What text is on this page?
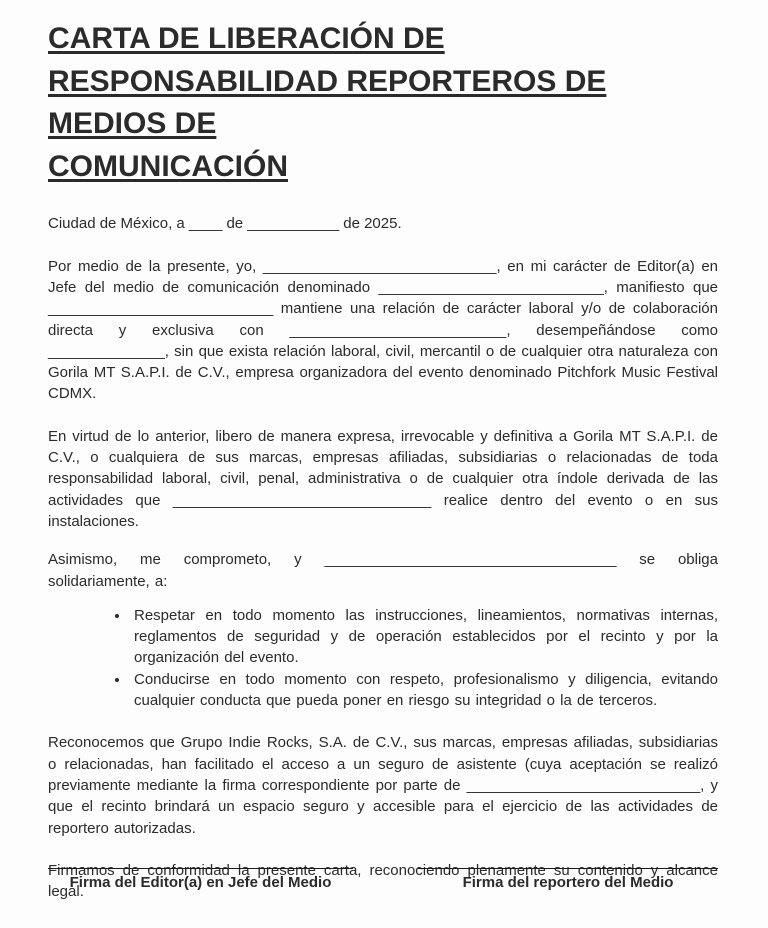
CARTA DE LIBERACIÓN DE RESPONSABILIDAD REPORTEROS DE MEDIOS DE
COMUNICACIÓN
Ciudad de México, a ____ de ___________ de 2025.

Por medio de la presente, yo, ____________________________, en mi carácter de Editor(a) en Jefe del medio de comunicación denominado ___________________________, manifiesto que ___________________________ mantiene una relación de carácter laboral y/o de colaboración directa y exclusiva con __________________________, desempeñándose como ______________, sin que exista relación laboral, civil, mercantil o de cualquier otra naturaleza con Gorila MT S.A.P.I. de C.V., empresa organizadora del evento denominado Pitchfork Music Festival CDMX.

En virtud de lo anterior, libero de manera expresa, irrevocable y definitiva a Gorila MT S.A.P.I. de C.V., o cualquiera de sus marcas, empresas afiliadas, subsidiarias o relacionadas de toda responsabilidad laboral, civil, penal, administrativa o de cualquier otra índole derivada de las actividades que _______________________________ realice dentro del evento o en sus instalaciones.

Asimismo, me comprometo, y ___________________________________ se obliga solidariamente, a:

• Respetar en todo momento las instrucciones, lineamientos, normativas internas, reglamentos de seguridad y de operación establecidos por el recinto y por la organización del evento.
• Conducirse en todo momento con respeto, profesionalismo y diligencia, evitando cualquier conducta que pueda poner en riesgo su integridad o la de terceros.

Reconocemos que Grupo Indie Rocks, S.A. de C.V., sus marcas, empresas afiliadas, subsidiarias o relacionadas, han facilitado el acceso a un seguro de asistente (cuya aceptación se realizó previamente mediante la firma correspondiente por parte de ____________________________, y que el recinto brindará un espacio seguro y accesible para el ejercicio de las actividades de reportero autorizadas.

Firmamos de conformidad la presente carta, reconociendo plenamente su contenido y alcance legal.

Firma del Editor(a) en Jefe del Medio	Firma del reportero del Medio
